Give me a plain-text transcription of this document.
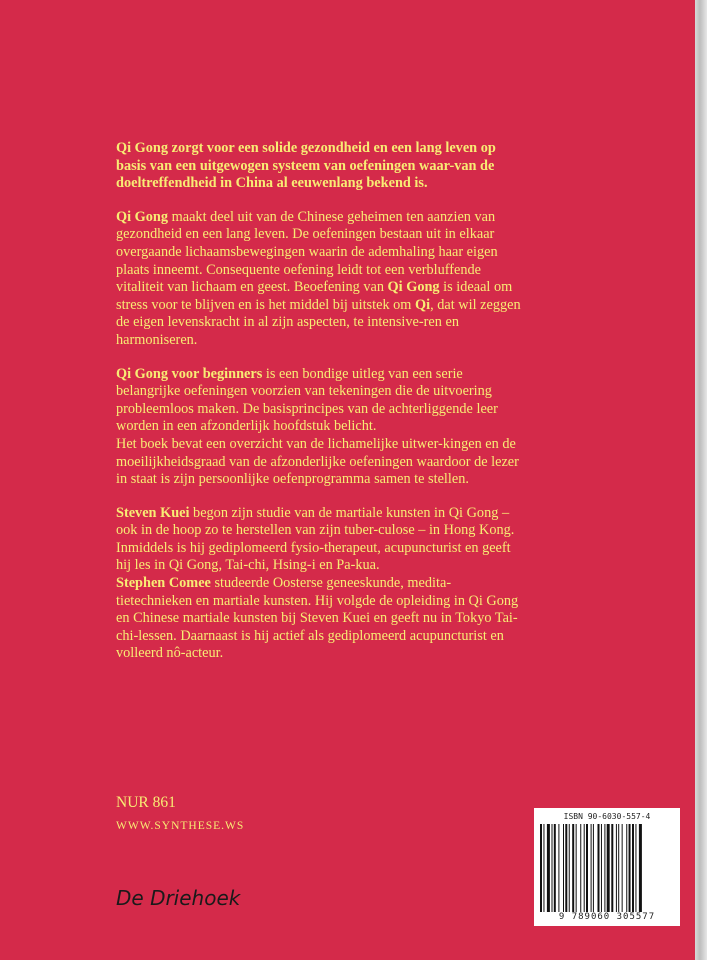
Qi Gong zorgt voor een solide gezondheid en een lang leven op basis van een uitgewogen systeem van oefeningen waar-van de doeltreffendheid in China al eeuwenlang bekend is.

Qi Gong maakt deel uit van de Chinese geheimen ten aanzien van gezondheid en een lang leven. De oefeningen bestaan uit in elkaar overgaande lichaamsbewegingen waarin de ademhaling haar eigen plaats inneemt. Consequente oefening leidt tot een verbluffende vitaliteit van lichaam en geest. Beoefening van Qi Gong is ideaal om stress voor te blijven en is het middel bij uitstek om Qi, dat wil zeggen de eigen levenskracht in al zijn aspecten, te intensive-ren en harmoniseren.

Qi Gong voor beginners is een bondige uitleg van een serie belangrijke oefeningen voorzien van tekeningen die de uitvoering probleemloos maken. De basisprincipes van de achterliggende leer worden in een afzonderlijk hoofdstuk belicht.

Het boek bevat een overzicht van de lichamelijke uitwer-kingen en de moeilijkheidsgraad van de afzonderlijke oefeningen waardoor de lezer in staat is zijn persoonlijke oefenprogramma samen te stellen.

Steven Kuei begon zijn studie van de martiale kunsten in Qi Gong – ook in de hoop zo te herstellen van zijn tuber-culose – in Hong Kong. Inmiddels is hij gediplomeerd fysio-therapeut, acupuncturist en geeft hij les in Qi Gong, Tai-chi, Hsing-i en Pa-kua.

Stephen Comee studeerde Oosterse geneeskunde, medita-tietechnieken en martiale kunsten. Hij volgde de opleiding in Qi Gong en Chinese martiale kunsten bij Steven Kuei en geeft nu in Tokyo Tai-chi-lessen. Daarnaast is hij actief als gediplomeerd acupuncturist en volleerd nô-acteur.

NUR 861
WWW.SYNTHESE.WS
De Driehoek
ISBN 90-6030-557-4
9 789060 305577
